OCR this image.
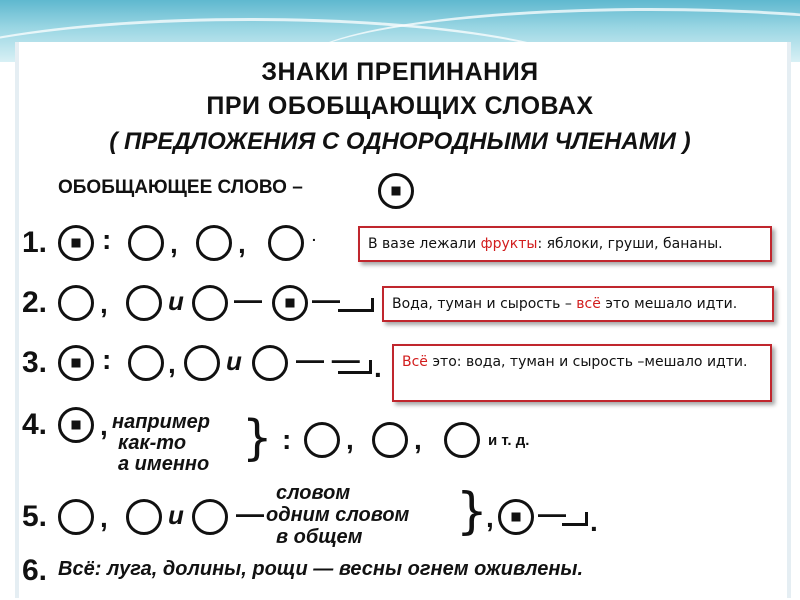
ЗНАКИ ПРЕПИНАНИЯ
ПРИ ОБОБЩАЮЩИХ СЛОВАХ
( ПРЕДЛОЖЕНИЯ С ОДНОРОДНЫМИ ЧЛЕНАМИ )
ОБОБЩАЮЩЕЕ СЛОВО –
1. : , ,	.
2. , и — — .
3. : , и — — .
4. , например
как-то
а именно } : , ,	и т. д.
5. , и —
словом
одним словом
в общем }
, — .
6. Всё: луга, долины, рощи — весны огнем оживлены.
В вазе лежали фрукты: яблоки, груши, бананы.
Вода, туман и сырость – всё это мешало идти.
Всё это: вода, туман и сырость –мешало идти.
